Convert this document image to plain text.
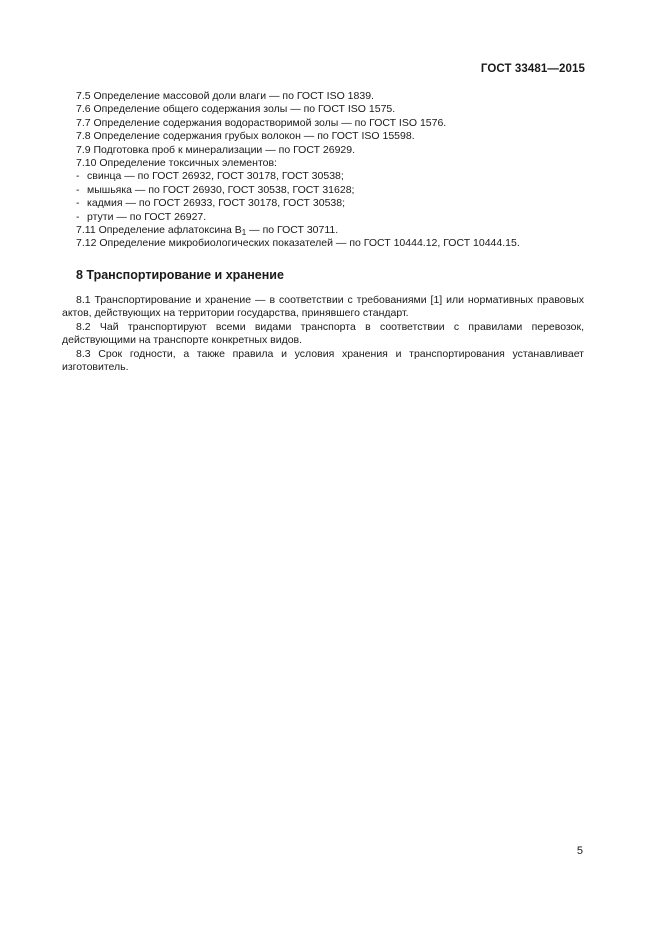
ГОСТ 33481—2015
7.5 Определение массовой доли влаги — по ГОСТ ISO 1839.
7.6 Определение общего содержания золы — по ГОСТ ISO 1575.
7.7 Определение содержания водорастворимой золы — по ГОСТ ISO 1576.
7.8 Определение содержания грубых волокон — по ГОСТ ISO 15598.
7.9 Подготовка проб к минерализации — по ГОСТ 26929.
7.10 Определение токсичных элементов:
- свинца — по ГОСТ 26932, ГОСТ 30178, ГОСТ 30538;
- мышьяка — по ГОСТ 26930, ГОСТ 30538, ГОСТ 31628;
- кадмия — по ГОСТ 26933, ГОСТ 30178, ГОСТ 30538;
- ртути — по ГОСТ 26927.
7.11 Определение афлатоксина $B_1$ — по ГОСТ 30711.
7.12 Определение микробиологических показателей — по ГОСТ 10444.12, ГОСТ 10444.15.
8 Транспортирование и хранение

8.1 Транспортирование и хранение — в соответствии с требованиями [1] или нормативных правовых актов, действующих на территории государства, принявшего стандарт.

8.2 Чай транспортируют всеми видами транспорта в соответствии с правилами перевозок, действующими на транспорте конкретных видов.

8.3 Срок годности, а также правила и условия хранения и транспортирования устанавливает изготовитель.

5
